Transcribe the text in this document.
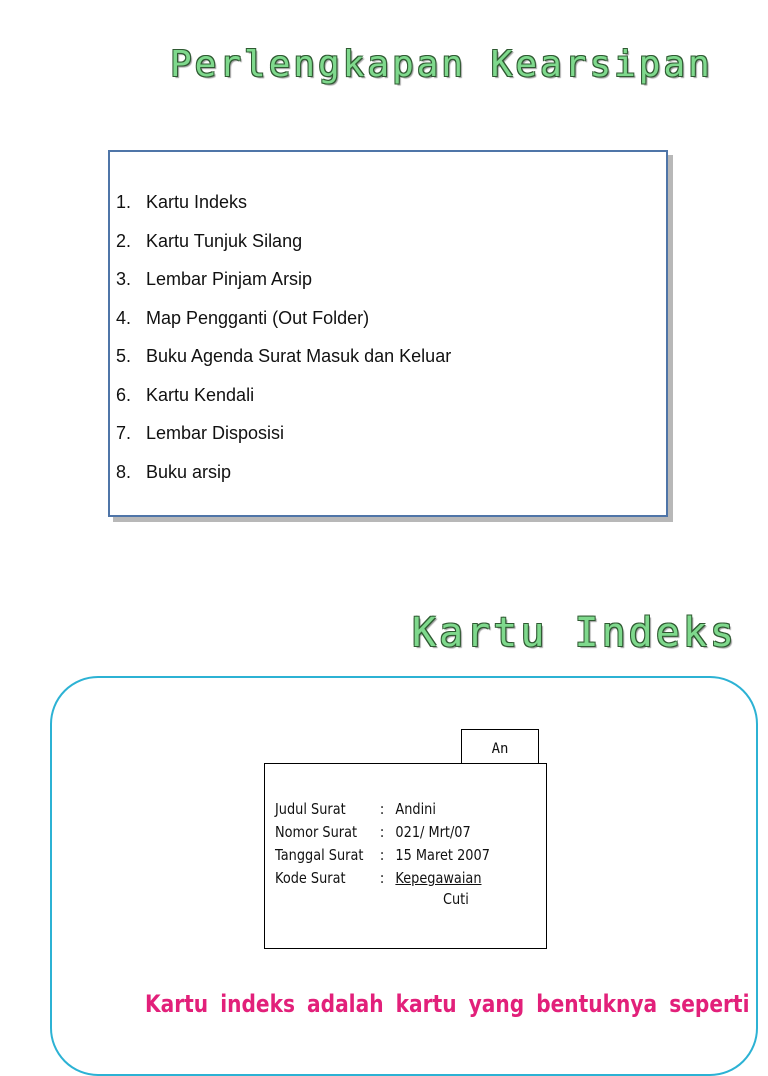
Perlengkapan Kearsipan
1. Kartu Indeks
2. Kartu Tunjuk Silang
3. Lembar Pinjam Arsip
4. Map Pengganti (Out Folder)
5. Buku Agenda Surat Masuk dan Keluar
6. Kartu Kendali
7. Lembar Disposisi
8. Buku arsip
Kartu Indeks
An
Judul Surat : Andini
Nomor Surat : 021/ Mrt/07
Tanggal Surat : 15 Maret 2007
Kode Surat : Kepegawaian
Cuti

Kartu indeks adalah kartu yang bentuknya seperti
